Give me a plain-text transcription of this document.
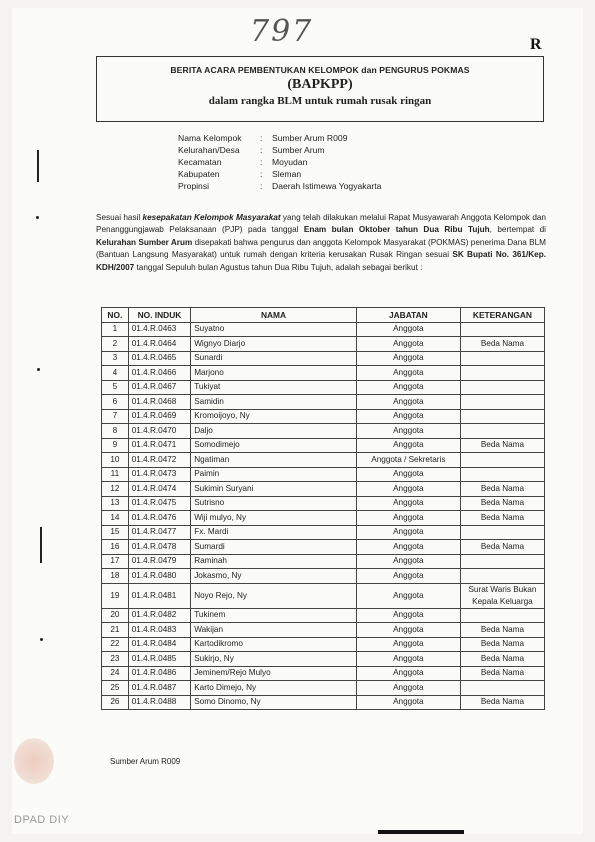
797	R
BERITA ACARA PEMBENTUKAN KELOMPOK dan PENGURUS POKMAS
(BAPKPP)
dalam rangka BLM untuk rumah rusak ringan
Nama Kelompok	:	Sumber Arum R009
Kelurahan/Desa	:	Sumber Arum
Kecamatan	:	Moyudan
Kabupaten	:	Sleman
Propinsi	:	Daerah Istimewa Yogyakarta
Sesuai hasil kesepakatan Kelompok Masyarakat yang telah dilakukan melalui Rapat Musyawarah Anggota Kelompok dan Penanggungjawab Pelaksanaan (PJP) pada tanggal Enam bulan Oktober tahun Dua Ribu Tujuh, bertempat di Kelurahan Sumber Arum disepakati bahwa pengurus dan anggota Kelompok Masyarakat (POKMAS) penerima Dana BLM (Bantuan Langsung Masyarakat) untuk rumah dengan kriteria kerusakan Rusak Ringan sesuai SK Bupati No. 361/Kep. KDH/2007 tanggal Sepuluh bulan Agustus tahun Dua Ribu Tujuh, adalah sebagai berikut :
NO.	NO. INDUK	NAMA	JABATAN	KETERANGAN
1	01.4.R.0463	Suyatno	Anggota	
2	01.4.R.0464	Wignyo Diarjo	Anggota	Beda Nama
3	01.4.R.0465	Sunardi	Anggota	
4	01.4.R.0466	Marjono	Anggota	
5	01.4.R.0467	Tukiyat	Anggota	
6	01.4.R.0468	Samidin	Anggota	
7	01.4.R.0469	Kromoijoyo, Ny	Anggota	
8	01.4.R.0470	Daljo	Anggota	
9	01.4.R.0471	Somodimejo	Anggota	Beda Nama
10	01.4.R.0472	Ngatiman	Anggota / Sekretaris	
11	01.4.R.0473	Paimin	Anggota	
12	01.4.R.0474	Sukimin Suryani	Anggota	Beda Nama
13	01.4.R.0475	Sutrisno	Anggota	Beda Nama
14	01.4.R.0476	Wiji mulyo, Ny	Anggota	Beda Nama
15	01.4.R.0477	Fx. Mardi	Anggota	
16	01.4.R.0478	Sumardi	Anggota	Beda Nama
17	01.4.R.0479	Raminah	Anggota	
18	01.4.R.0480	Jokasmo, Ny	Anggota	
19	01.4.R.0481	Noyo Rejo, Ny	Anggota	Surat Waris Bukan Kepala Keluarga
20	01.4.R.0482	Tukinem	Anggota	
21	01.4.R.0483	Wakijan	Anggota	Beda Nama
22	01.4.R.0484	Kartodikromo	Anggota	Beda Nama
23	01.4.R.0485	Sukirjo, Ny	Anggota	Beda Nama
24	01.4.R.0486	Jeminem/Rejo Mulyo	Anggota	Beda Nama
25	01.4.R.0487	Karto Dimejo, Ny	Anggota	
26	01.4.R.0488	Somo Dinomo, Ny	Anggota	Beda Nama
Sumber Arum R009
DPAD DIY
